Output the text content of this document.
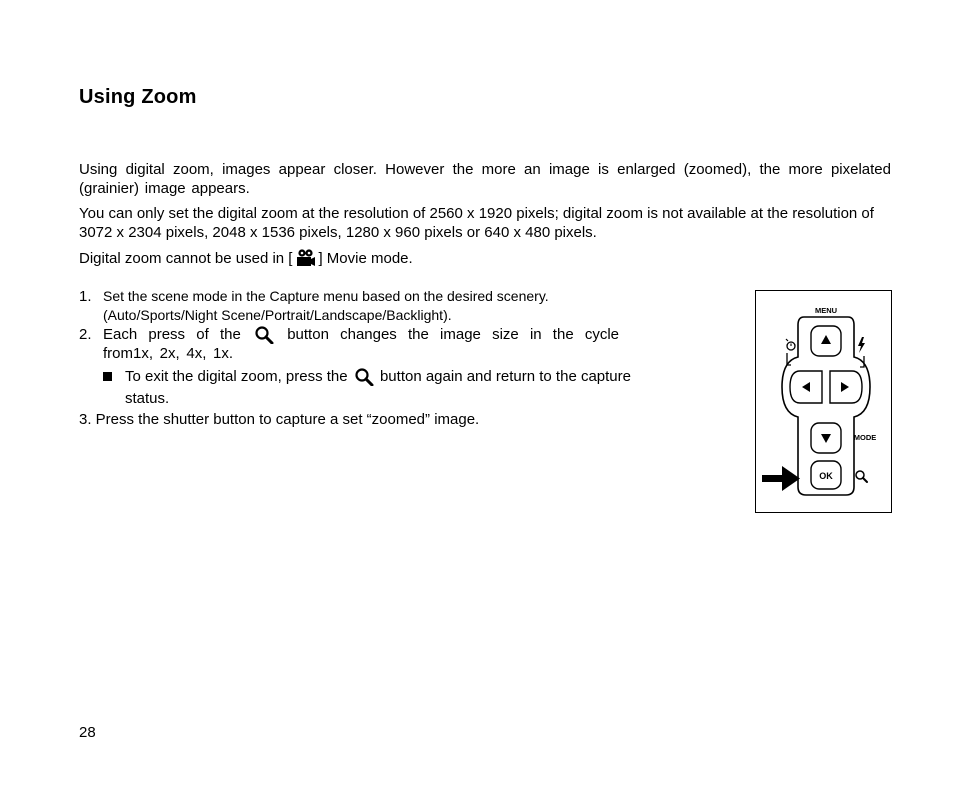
Using Zoom

Using digital zoom, images appear closer. However the more an image is enlarged (zoomed), the more pixelated (grainier) image appears.

You can only set the digital zoom at the resolution of 2560 x 1920 pixels; digital zoom is not available at the resolution of 3072 x 2304 pixels, 2048 x 1536 pixels, 1280 x 960 pixels or 640 x 480 pixels.

Digital zoom cannot be used in [ ] Movie mode.

1. Set the scene mode in the Capture menu based on the desired scenery. (Auto/Sports/Night Scene/Portrait/Landscape/Backlight).
2. Each press of the	button changes the image size in the cycle from1x, 2x, 4x, 1x.
To exit the digital zoom, press the button again and return to the capture status.
3. Press the shutter button to capture a set “zoomed” image.
OK
MENU
MODE

28
